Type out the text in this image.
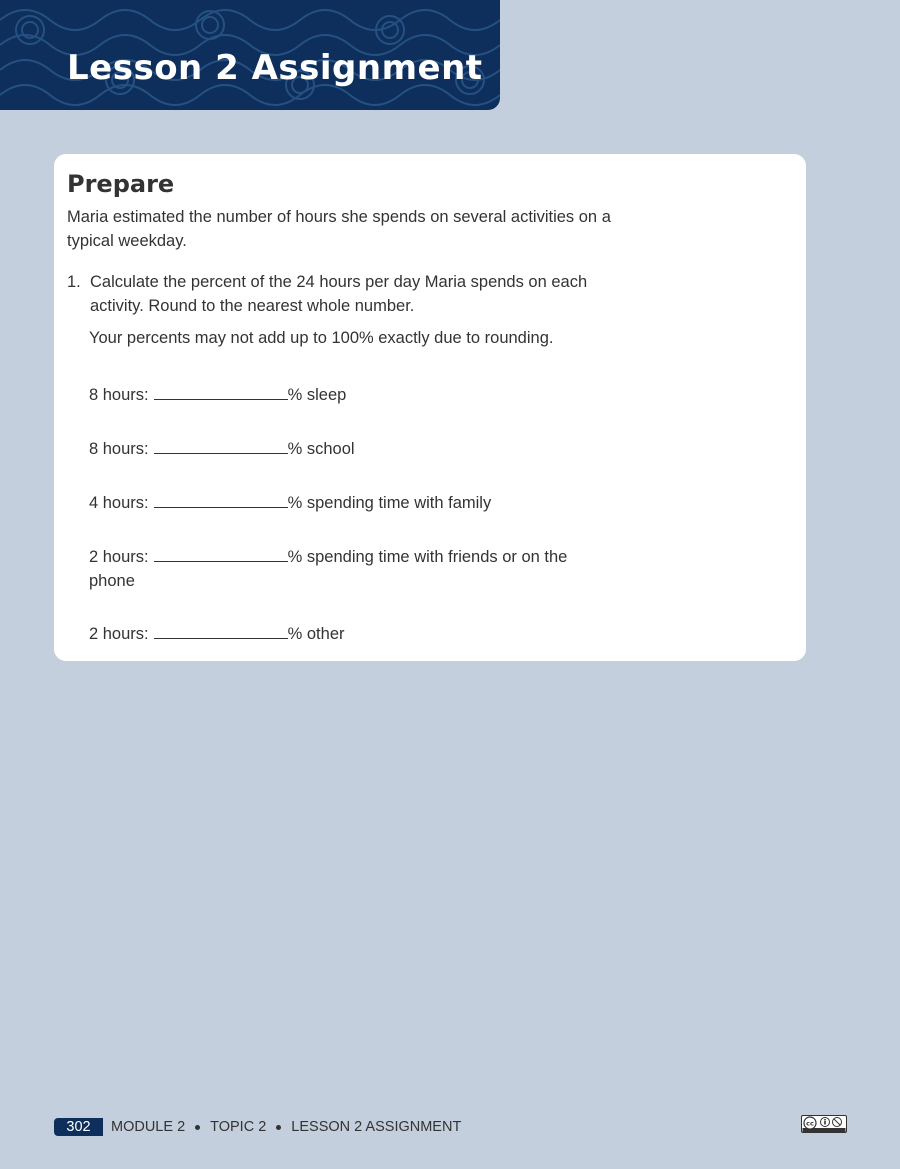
Lesson 2 Assignment
Prepare

Maria estimated the number of hours she spends on several activities on a typical weekday.

1. Calculate the percent of the 24 hours per day Maria spends on each activity. Round to the nearest whole number.

Your percents may not add up to 100% exactly due to rounding.

8 hours:	% sleep
8 hours:	% school
4 hours:	% spending time with family
2 hours:	% spending time with friends or on the phone
2 hours:	% other
302	MODULE 2 TOPIC 2 LESSON 2 ASSIGNMENT	cc
